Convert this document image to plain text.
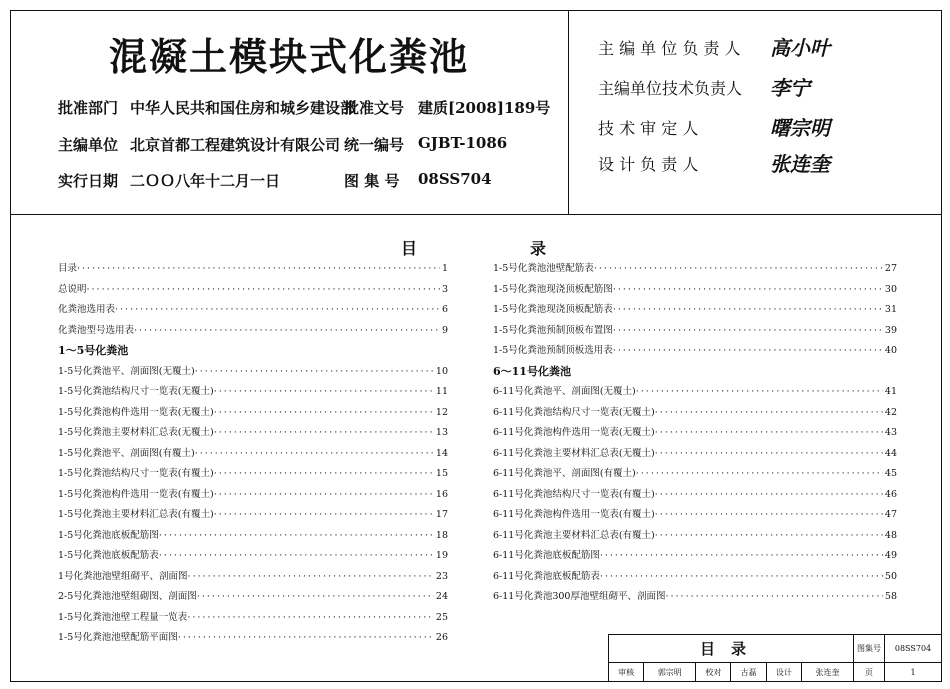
混凝土模块式化粪池
批准部门 中华人民共和国住房和城乡建设部
批准文号 建质[2008]189号
主编单位 北京首都工程建筑设计有限公司 统一编号 GJBT-1086
实行日期 二ＯＯ八年十二月一日	图 集 号 08SS704
主 编 单 位 负 责 人 高小叶
主编单位技术负责人 李宁
技 术 审 定 人	曙宗明
设 计 负 责 人	张连奎
目	录
目录 ·····	1
总说明 ·····	3
化粪池选用表 ·····	6
化粪池型号选用表 ·····	9
1～5号化粪池
1-5号化粪池平、剖面图(无覆土) ·····	10
1-5号化粪池结构尺寸一览表(无覆土) ·····	11
1-5号化粪池构件选用一览表(无覆土) ·····	12
1-5号化粪池主要材料汇总表(无覆土) ·····	13
1-5号化粪池平、剖面图(有覆土) ·····	14
1-5号化粪池结构尺寸一览表(有覆土) ·····	15
1-5号化粪池构件选用一览表(有覆土) ·····	16
1-5号化粪池主要材料汇总表(有覆土) ·····	17
1-5号化粪池底板配筋图 ·····	18
1-5号化粪池底板配筋表 ·····	19
1号化粪池池壁组砌平、剖面图 ·····	23
2-5号化粪池池壁组砌图、剖面图 ·····	24
1-5号化粪池池壁工程量一览表 ·····	25
1-5号化粪池池壁配筋平面图 ·····	26
1-5号化粪池池壁配筋表 ·····	27
1-5号化粪池现浇顶板配筋图 ·····	30
1-5号化粪池现浇顶板配筋表 ·····	31
1-5号化粪池预制顶板布置图 ·····	39
1-5号化粪池预制顶板选用表 ·····	40
6～11号化粪池
6-11号化粪池平、剖面图(无覆土) ·····	41
6-11号化粪池结构尺寸一览表(无覆土) ·····	42
6-11号化粪池构件选用一览表(无覆土) ·····	43
6-11号化粪池主要材料汇总表(无覆土) ·····	44
6-11号化粪池平、剖面图(有覆土) ·····	45
6-11号化粪池结构尺寸一览表(有覆土) ·····	46
6-11号化粪池构件选用一览表(有覆土) ·····	47
6-11号化粪池主要材料汇总表(有覆土) ·····	48
6-11号化粪池底板配筋图 ·····	49
6-11号化粪池底板配筋表 ·····	50
6-11号化粪池300厚池壁组砌平、剖面图 ·····	58
目录						图集号	08SS704
审核	郭宗明	校对	古磊	设计	张连奎	页	1
